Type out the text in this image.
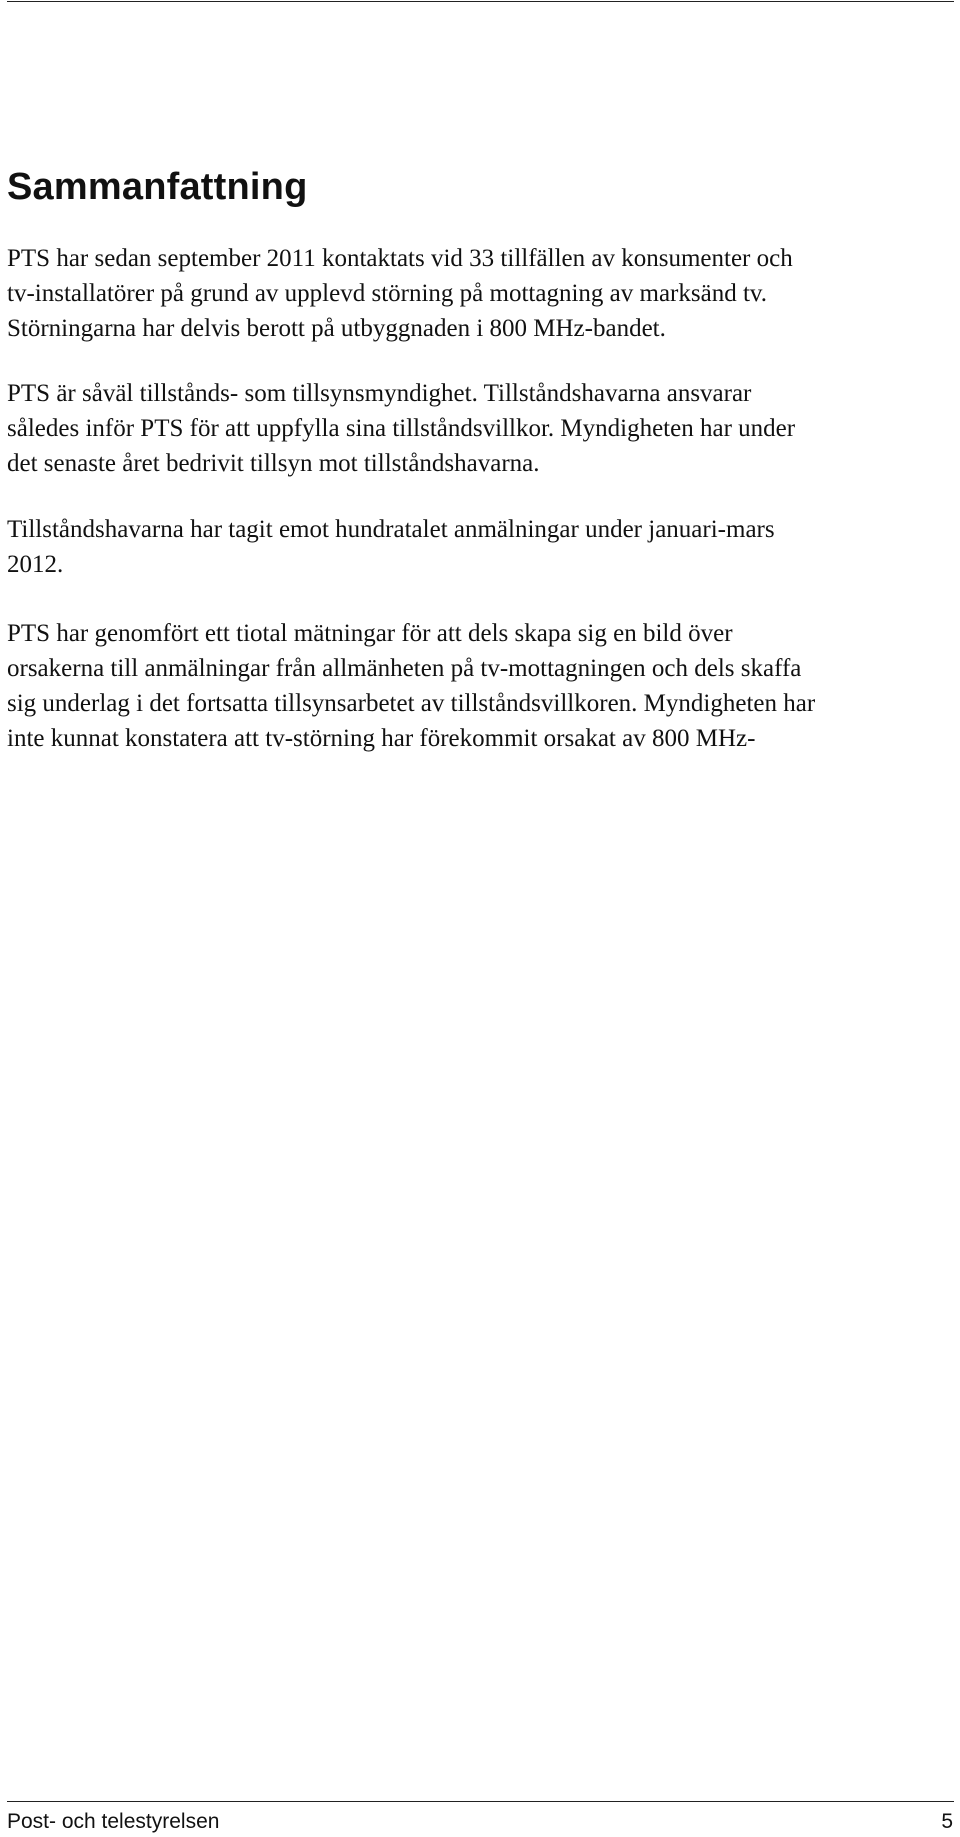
Sammanfattning

PTS har sedan september 2011 kontaktats vid 33 tillfällen av konsumenter och
tv-installatörer på grund av upplevd störning på mottagning av marksänd tv.
Störningarna har delvis berott på utbyggnaden i 800 MHz-bandet.

PTS är såväl tillstånds- som tillsynsmyndighet. Tillståndshavarna ansvarar
således inför PTS för att uppfylla sina tillståndsvillkor. Myndigheten har under
det senaste året bedrivit tillsyn mot tillståndshavarna.

Tillståndshavarna har tagit emot hundratalet anmälningar under januari-mars
2012.

PTS har genomfört ett tiotal mätningar för att dels skapa sig en bild över
orsakerna till anmälningar från allmänheten på tv-mottagningen och dels skaffa
sig underlag i det fortsatta tillsynsarbetet av tillståndsvillkoren. Myndigheten har
inte kunnat konstatera att tv-störning har förekommit orsakat av 800 MHz-

Post- och telestyrelsen	5
